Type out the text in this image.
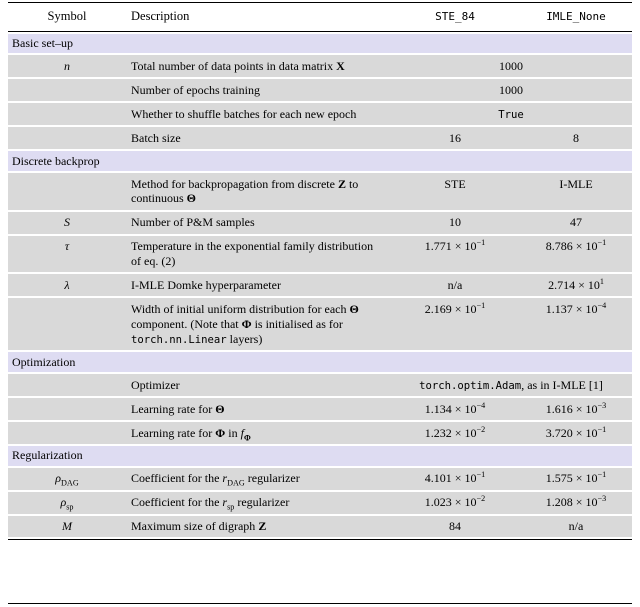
Symbol	Description	STE_84	IMLE_None
Basic set–up			
n	Total number of data points in data matrix X	1000	
	Number of epochs training	1000	
	Whether to shuffle batches for each new epoch	True	
	Batch size	16	8
Discrete backprop			
	Method for backpropagation from discrete Z to continuous Θ	STE	I-MLE
S	Number of P&M samples	10	47
τ	Temperature in the exponential family distribution of eq. (2)	$1.771 \times 10^{-1}$	$8.786 \times 10^{-1}$
λ	I-MLE Domke hyperparameter	n/a	$2.714 \times 10^1$
	Width of initial uniform distribution for each Θ component. (Note that Φ is initialised as for torch.nn.Linear layers)	$2.169 \times 10^{-1}$	$1.137 \times 10^{-4}$
Optimization			
	Optimizer	torch.optim.Adam, as in I-MLE [1]	
	Learning rate for Θ	$1.134 \times 10^{-4}$	$1.616 \times 10^{-3}$
	Learning rate for Φ in $f_\Phi$	$1.232 \times 10^{-2}$	$3.720 \times 10^{-1}$
Regularization			
$\rho_{DAG}$	Coefficient for the $r_{DAG}$ regularizer	$4.101 \times 10^{-1}$	$1.575 \times 10^{-1}$
$\rho_{sp}$	Coefficient for the $r_{sp}$ regularizer	$1.023 \times 10^{-2}$	$1.208 \times 10^{-3}$
M	Maximum size of digraph Z	84	n/a
